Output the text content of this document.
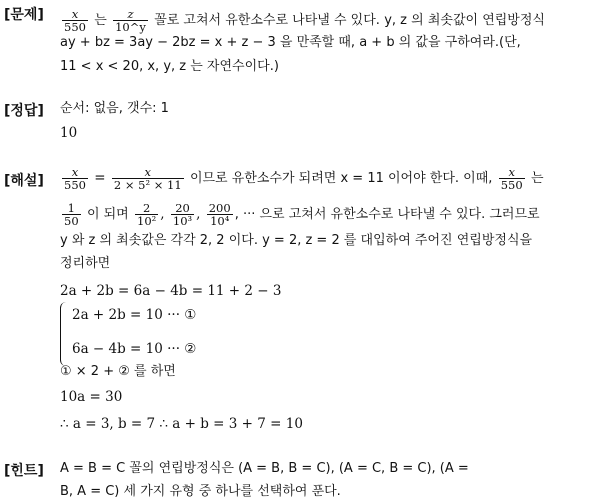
[문제] $\frac{x}{550}$ 는 $\frac{z}{10\^{}y}$ 꼴로 고쳐서 유한소수로 나타낼 수 있다. y, z 의 최솟값이 연립방정식
ay + bz = 3ay − 2bz = x + z − 3 을 만족할 때, a + b 의 값을 구하여라.(단,
11 < x < 20, x, y, z 는 자연수이다.)
[정답] 순서: 없음, 갯수: 1
10
[해설] $\frac{x}{550} = \frac{x}{\text{2 × 5² × 11}}$ 이므로 유한소수가 되려면 x = 11 이어야 한다. 이때, $\frac{x}{550}$ 는
$\frac{1}{50}$ 이 되며 $\frac{2}{\text{10²}}$ , $\frac{20}{\text{10³}}$ , $\frac{200}{\text{10⁴}}$ , ··· 으로 고쳐서 유한소수로 나타낼 수 있다. 그러므로
y 와 z 의 최솟값은 각각 2, 2 이다. y = 2, z = 2 를 대입하여 주어진 연립방정식을
정리하면
2a + 2b = 6a − 4b = 11 + 2 − 3
2a + 2b = 10 ··· ①
6a − 4b = 10 ··· ②
① × 2 + ② 를 하면
10a = 30
∴ a = 3, b = 7 ∴ a + b = 3 + 7 = 10
[힌트] A = B = C 꼴의 연립방정식은 (A = B, B = C), (A = C, B = C), (A =
B, A = C) 세 가지 유형 중 하나를 선택하여 푼다.
